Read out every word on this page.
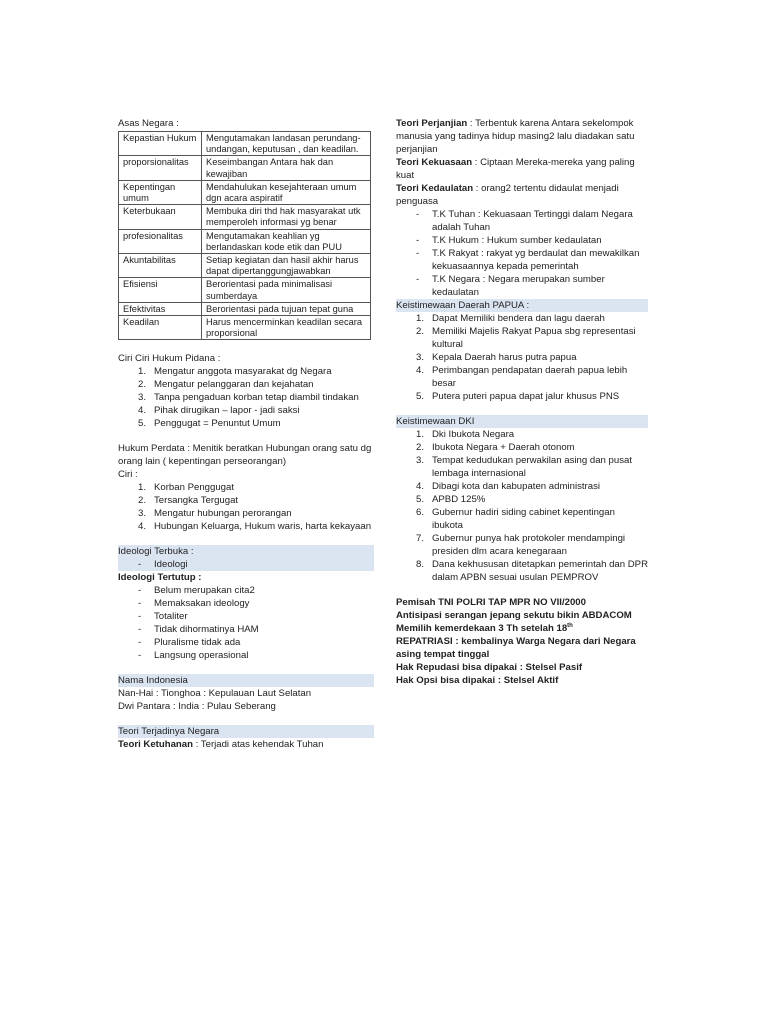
Asas Negara :

Kepastian Hukum	Mengutamakan landasan perundang-undangan, keputusan , dan keadilan.
proporsionalitas	Keseimbangan Antara hak dan kewajiban
Kepentingan umum	Mendahulukan kesejahteraan umum dgn acara aspiratif
Keterbukaan	Membuka diri thd hak masyarakat utk memperoleh informasi yg benar
profesionalitas	Mengutamakan keahlian yg berlandaskan kode etik dan PUU
Akuntabilitas	Setiap kegiatan dan hasil akhir harus dapat dipertanggungjawabkan
Efisiensi	Berorientasi pada minimalisasi sumberdaya
Efektivitas	Berorientasi pada tujuan tepat guna
Keadilan	Harus mencerminkan keadilan secara proporsional

Ciri Ciri Hukum Pidana :

1. Mengatur anggota masyarakat dg Negara
2. Mengatur pelanggaran dan kejahatan
3. Tanpa pengaduan korban tetap diambil tindakan
4. Pihak dirugikan – lapor - jadi saksi
5. Penggugat = Penuntut Umum

Hukum Perdata : Menitik beratkan Hubungan orang satu dg orang lain ( kepentingan perseorangan)

Ciri :

1. Korban Penggugat
2. Tersangka Tergugat
3. Mengatur hubungan perorangan
4. Hubungan Keluarga, Hukum waris, harta kekayaan

Ideologi Terbuka :

- Ideologi

Ideologi Tertutup :

- Belum merupakan cita2
- Memaksakan ideology
- Totaliter
- Tidak dihormatinya HAM
- Pluralisme tidak ada
- Langsung operasional

Nama Indonesia

Nan-Hai : Tionghoa : Kepulauan Laut Selatan

Dwi Pantara : India : Pulau Seberang

Teori Terjadinya Negara

Teori Ketuhanan : Terjadi atas kehendak Tuhan

Teori Perjanjian : Terbentuk karena Antara sekelompok manusia yang tadinya hidup masing2 lalu diadakan satu perjanjian

Teori Kekuasaan : Ciptaan Mereka-mereka yang paling kuat

Teori Kedaulatan : orang2 tertentu didaulat menjadi penguasa

- T.K Tuhan : Kekuasaan Tertinggi dalam Negara adalah Tuhan
- T.K Hukum : Hukum sumber kedaulatan
- T.K Rakyat : rakyat yg berdaulat dan mewakilkan kekuasaannya kepada pemerintah
- T.K Negara : Negara merupakan sumber kedaulatan

Keistimewaan Daerah PAPUA :

1. Dapat Memiliki bendera dan lagu daerah
2. Memiliki Majelis Rakyat Papua sbg representasi kultural
3. Kepala Daerah harus putra papua
4. Perimbangan pendapatan daerah papua lebih besar
5. Putera puteri papua dapat jalur khusus PNS

Keistimewaan DKI

1. Dki Ibukota Negara
2. Ibukota Negara + Daerah otonom
3. Tempat kedudukan perwakilan asing dan pusat lembaga internasional
4. Dibagi kota dan kabupaten administrasi
5. APBD 125%
6. Gubernur hadiri siding cabinet kepentingan ibukota
7. Gubernur punya hak protokoler mendampingi presiden dlm acara kenegaraan
8. Dana kekhususan ditetapkan pemerintah dan DPR dalam APBN sesuai usulan PEMPROV

Pemisah TNI POLRI TAP MPR NO VII/2000

Antisipasi serangan jepang sekutu bikin ABDACOM

Memilih kemerdekaan 3 Th setelah 18th

REPATRIASI : kembalinya Warga Negara dari Negara asing tempat tinggal

Hak Repudasi bisa dipakai : Stelsel Pasif

Hak Opsi bisa dipakai : Stelsel Aktif
